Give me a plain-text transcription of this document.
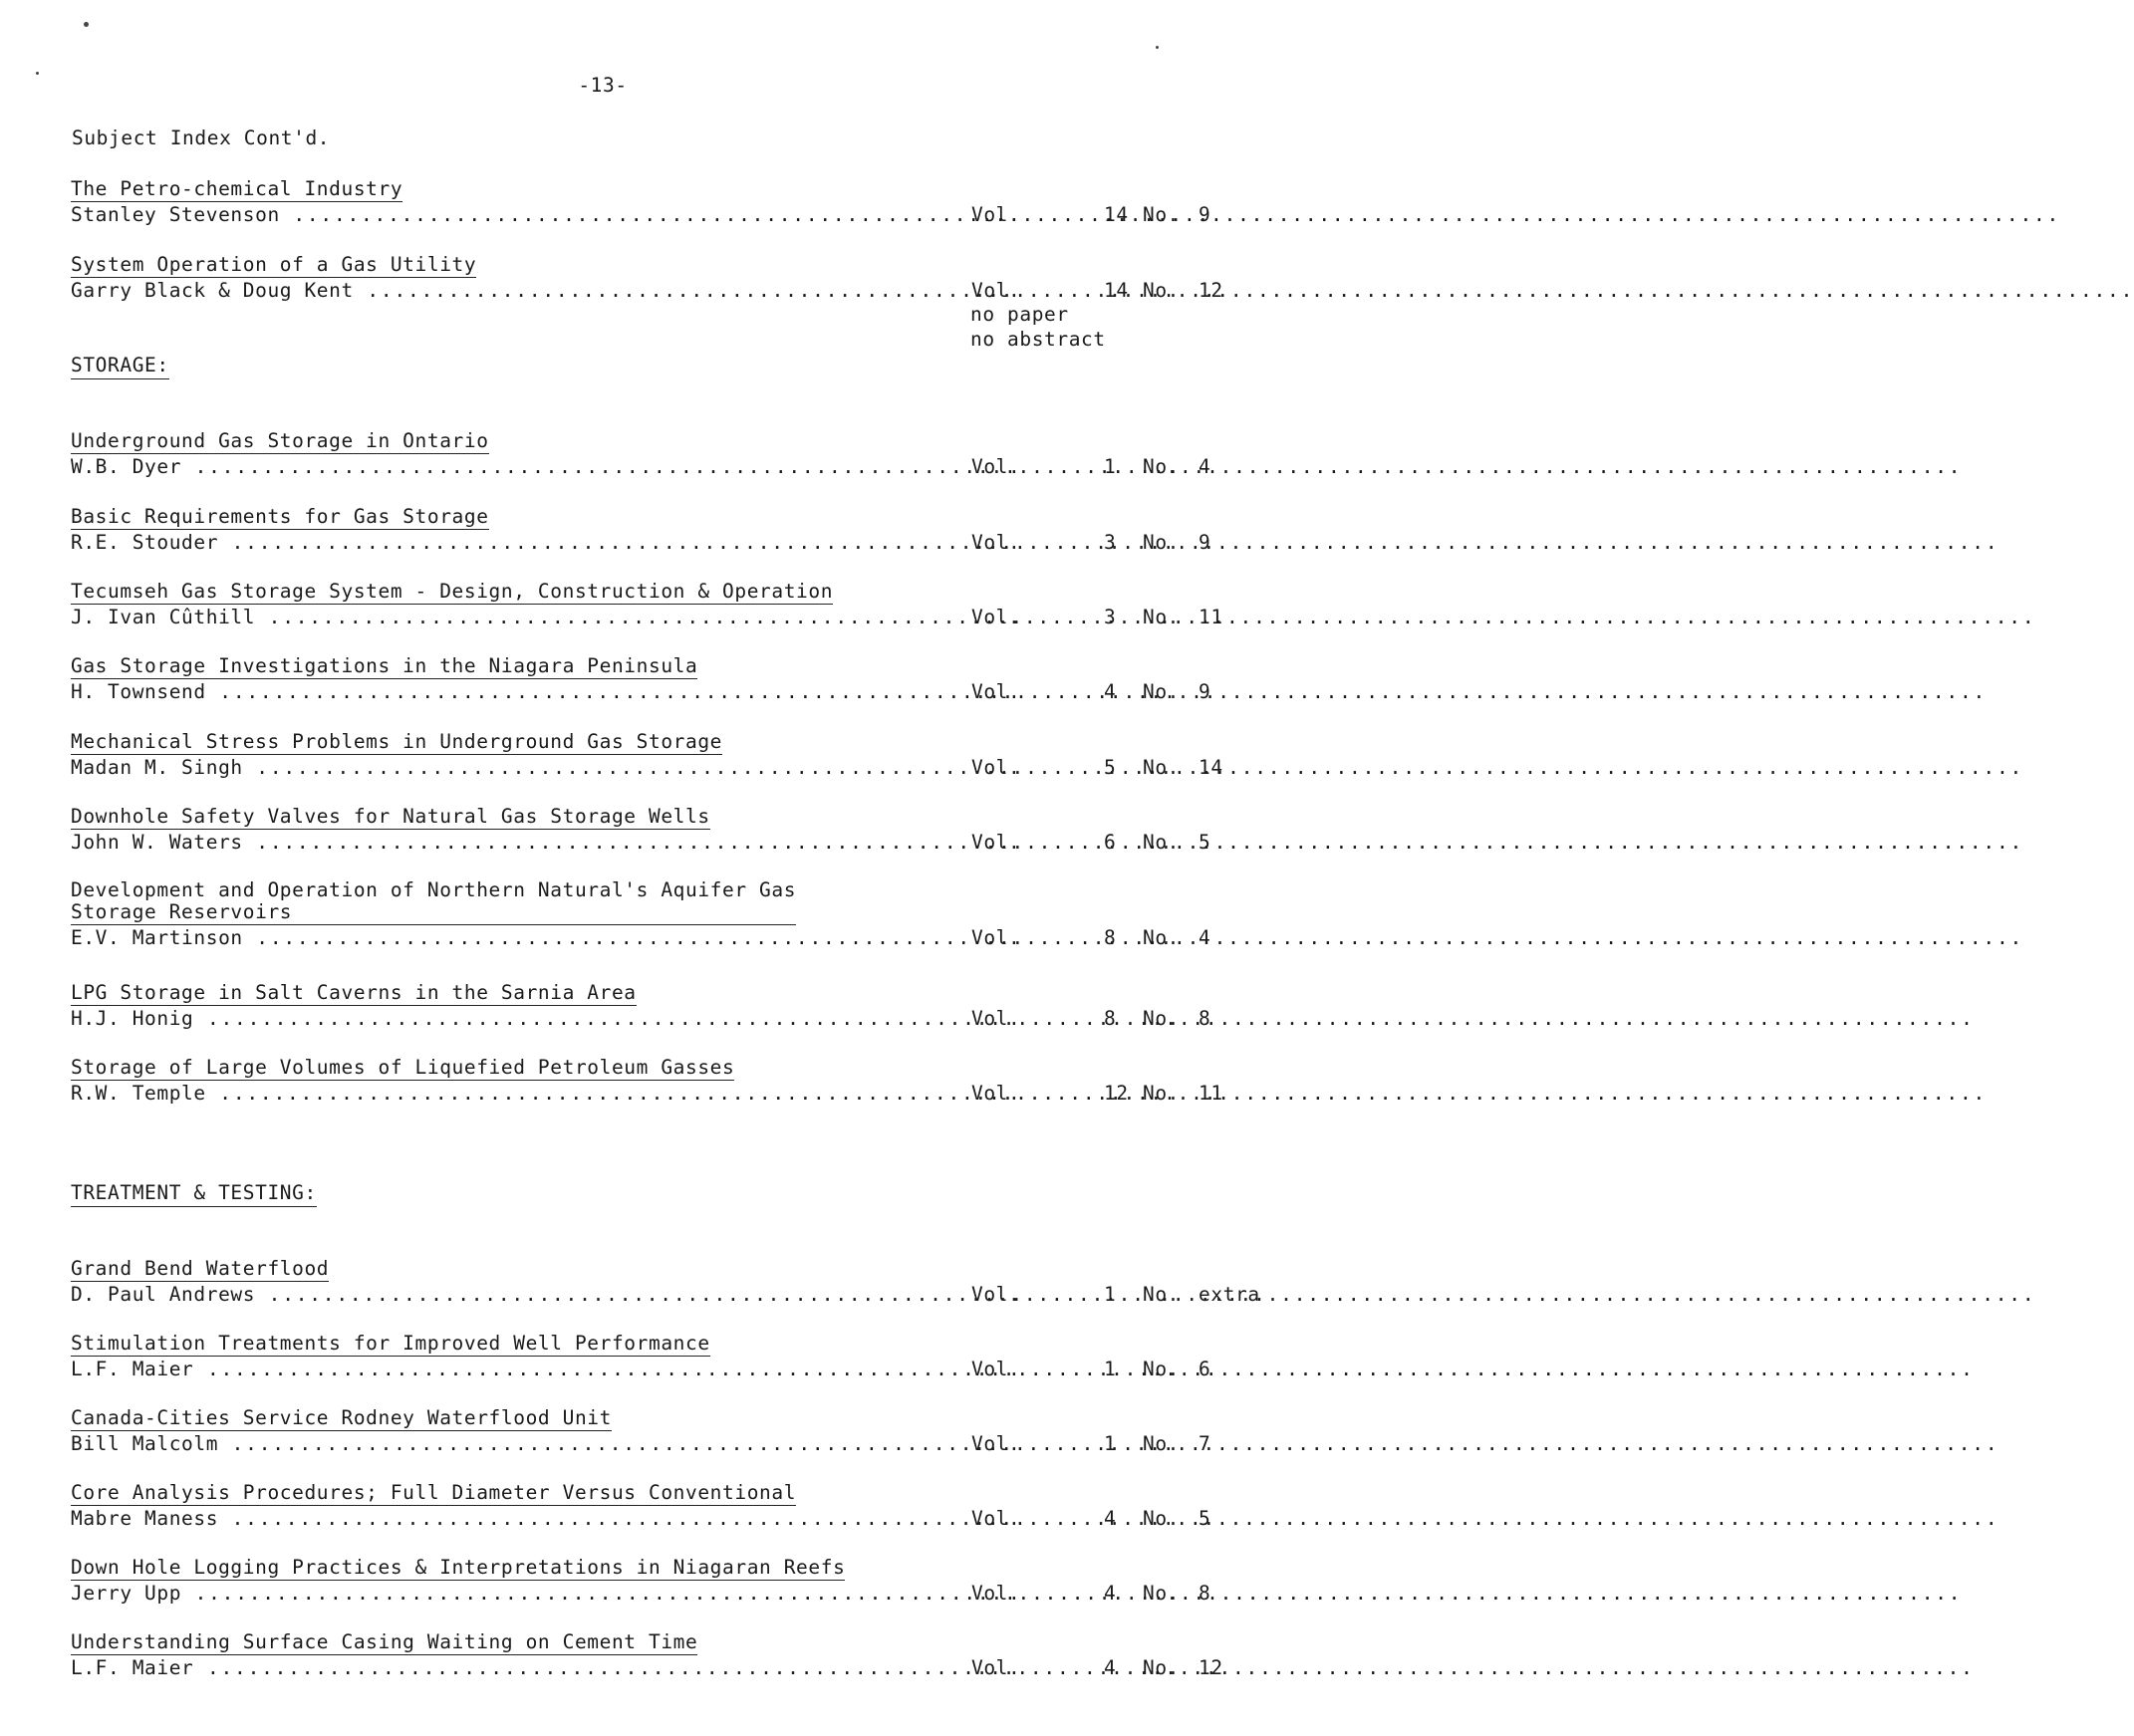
-13-
Subject Index Cont'd.
The Petro-chemical Industry
Stanley Stevenson .....	Vol.	14 No. 9
System Operation of a Gas Utility
Garry Black & Doug Kent .....	Vol.	14 No. 12
no paper
no abstract
STORAGE:
Underground Gas Storage in Ontario
W.B. Dyer .....	Vol.	1 No. 4
Basic Requirements for Gas Storage
R.E. Stouder .....	Vol.	3 No. 9
Tecumseh Gas Storage System - Design, Construction & Operation
J. Ivan Cûthill .....	Vol.	3 No. 11
Gas Storage Investigations in the Niagara Peninsula
H. Townsend .....	Vol.	4 No. 9
Mechanical Stress Problems in Underground Gas Storage
Madan M. Singh .....	Vol.	5 No. 14
Downhole Safety Valves for Natural Gas Storage Wells
John W. Waters .....	Vol.	6 No. 5
Development and Operation of Northern Natural's Aquifer Gas
Storage Reservoirs
E.V. Martinson .....	Vol.	8 No. 4
LPG Storage in Salt Caverns in the Sarnia Area
H.J. Honig .....	Vol.	8 No. 8
Storage of Large Volumes of Liquefied Petroleum Gasses
R.W. Temple .....	Vol.	12 No. 11
TREATMENT & TESTING:
Grand Bend Waterflood
D. Paul Andrews .....	Vol.	1 No. extra
Stimulation Treatments for Improved Well Performance
L.F. Maier .....	Vol.	1 No. 6
Canada-Cities Service Rodney Waterflood Unit
Bill Malcolm .....	Vol.	1 No. 7
Core Analysis Procedures; Full Diameter Versus Conventional
Mabre Maness .....	Vol.	4 No. 5
Down Hole Logging Practices & Interpretations in Niagaran Reefs
Jerry Upp .....	Vol.	4 No. 8
Understanding Surface Casing Waiting on Cement Time
L.F. Maier .....	Vol.	4 No. 12
